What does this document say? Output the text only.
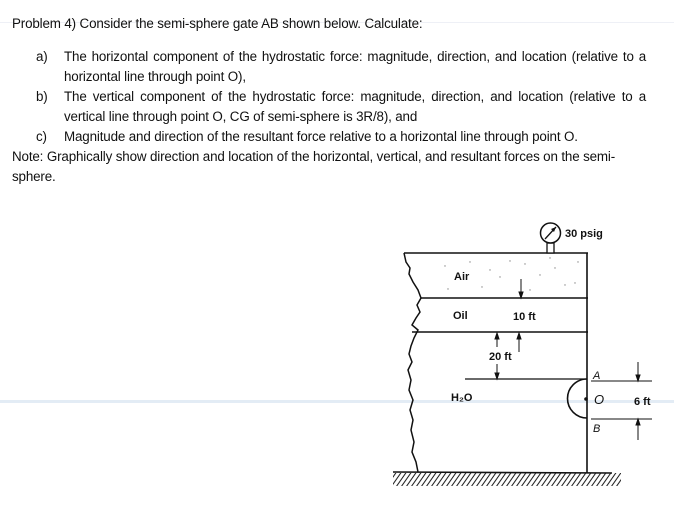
Problem 4) Consider the semi-sphere gate AB shown below. Calculate:

a)	The horizontal component of the hydrostatic force: magnitude, direction, and location (relative to a horizontal line through point O),
b)	The vertical component of the hydrostatic force: magnitude, direction, and location (relative to a vertical line through point O, CG of semi-sphere is 3R/8), and
c)	Magnitude and direction of the resultant force relative to a horizontal line through point O.

Note: Graphically show direction and location of the horizontal, vertical, and resultant forces on the semi-sphere.

30 psig
Air
Oil
H₂O
10 ft
20 ft
A
O
B
6 ft
